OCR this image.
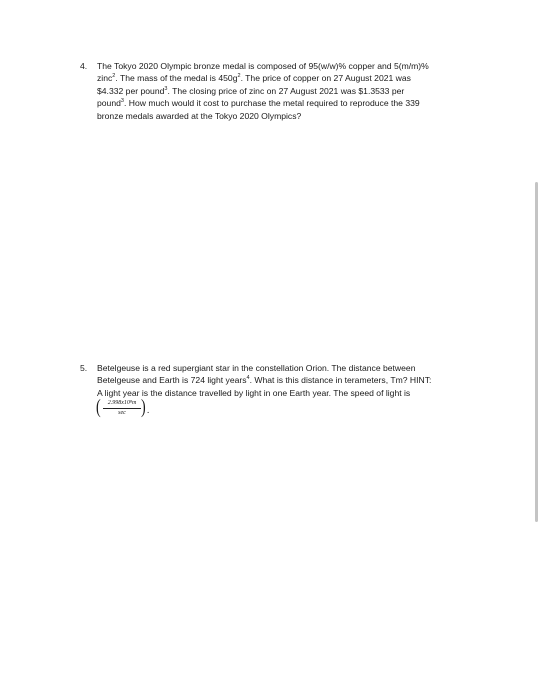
4. The Tokyo 2020 Olympic bronze medal is composed of 95(w/w)% copper and 5(m/m)%
zinc$^2$. The mass of the medal is $450g^2$. The price of copper on 27 August 2021 was
$4.332 per pound$^3$. The closing price of zinc on 27 August 2021 was $1.3533 per
pound$^3$. How much would it cost to purchase the metal required to reproduce the 339
bronze medals awarded at the Tokyo 2020 Olympics?
5. Betelgeuse is a red supergiant star in the constellation Orion. The distance between
Betelgeuse and Earth is 724 light years$^4$. What is this distance in terameters, Tm? HINT:
A light year is the distance travelled by light in one Earth year. The speed of light is
(	2.998x10⁸m
sec ) .
